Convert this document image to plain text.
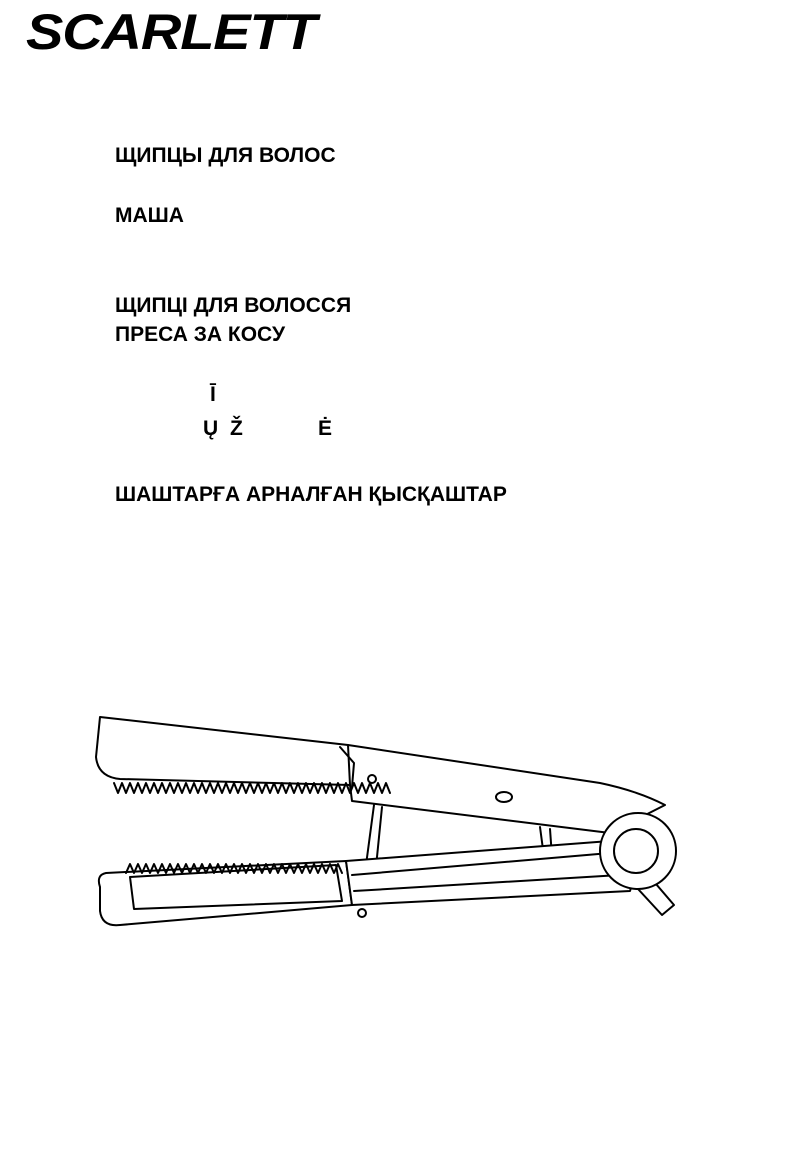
SCARLETT
ЩИПЦЫ ДЛЯ ВОЛОС
МАША
ЩИПЦІ ДЛЯ ВОЛОССЯ
ПРЕСА ЗА КОСУ
Ī
Ų Ž	Ė
ШАШТАРҒА АРНАЛҒАН ҚЫСҚАШТАР
